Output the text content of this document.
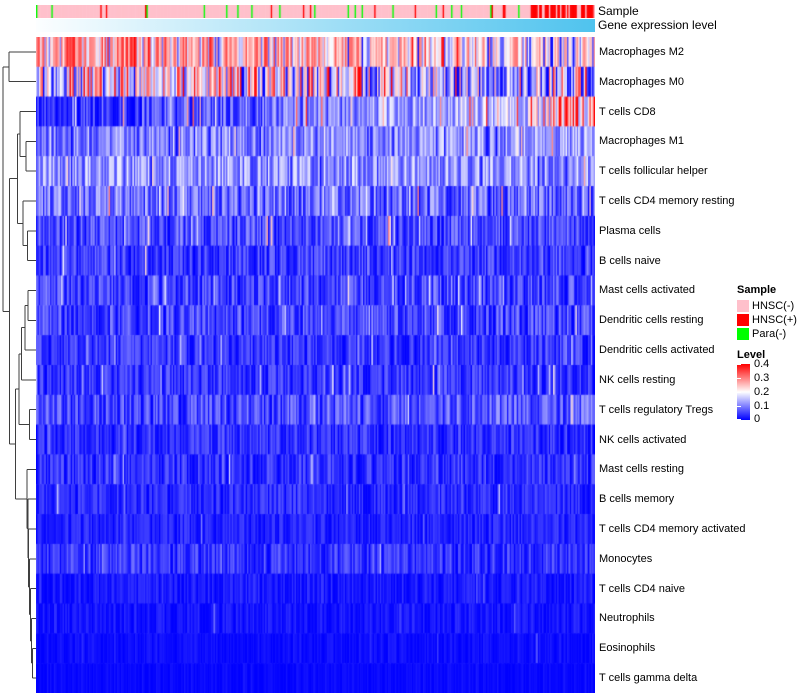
Sample
Gene expression level
Macrophages M2
Macrophages M0
T cells CD8
Macrophages M1
T cells follicular helper
T cells CD4 memory resting
Plasma cells
B cells naive
Mast cells activated
Dendritic cells resting
Dendritic cells activated
NK cells resting
T cells regulatory Tregs
NK cells activated
Mast cells resting
B cells memory
T cells CD4 memory activated
Monocytes
T cells CD4 naive
Neutrophils
Eosinophils
T cells gamma delta
Sample
HNSC(-)
HNSC(+)
Para(-)
Level
0.4
0.3
0.2
0.1
0
